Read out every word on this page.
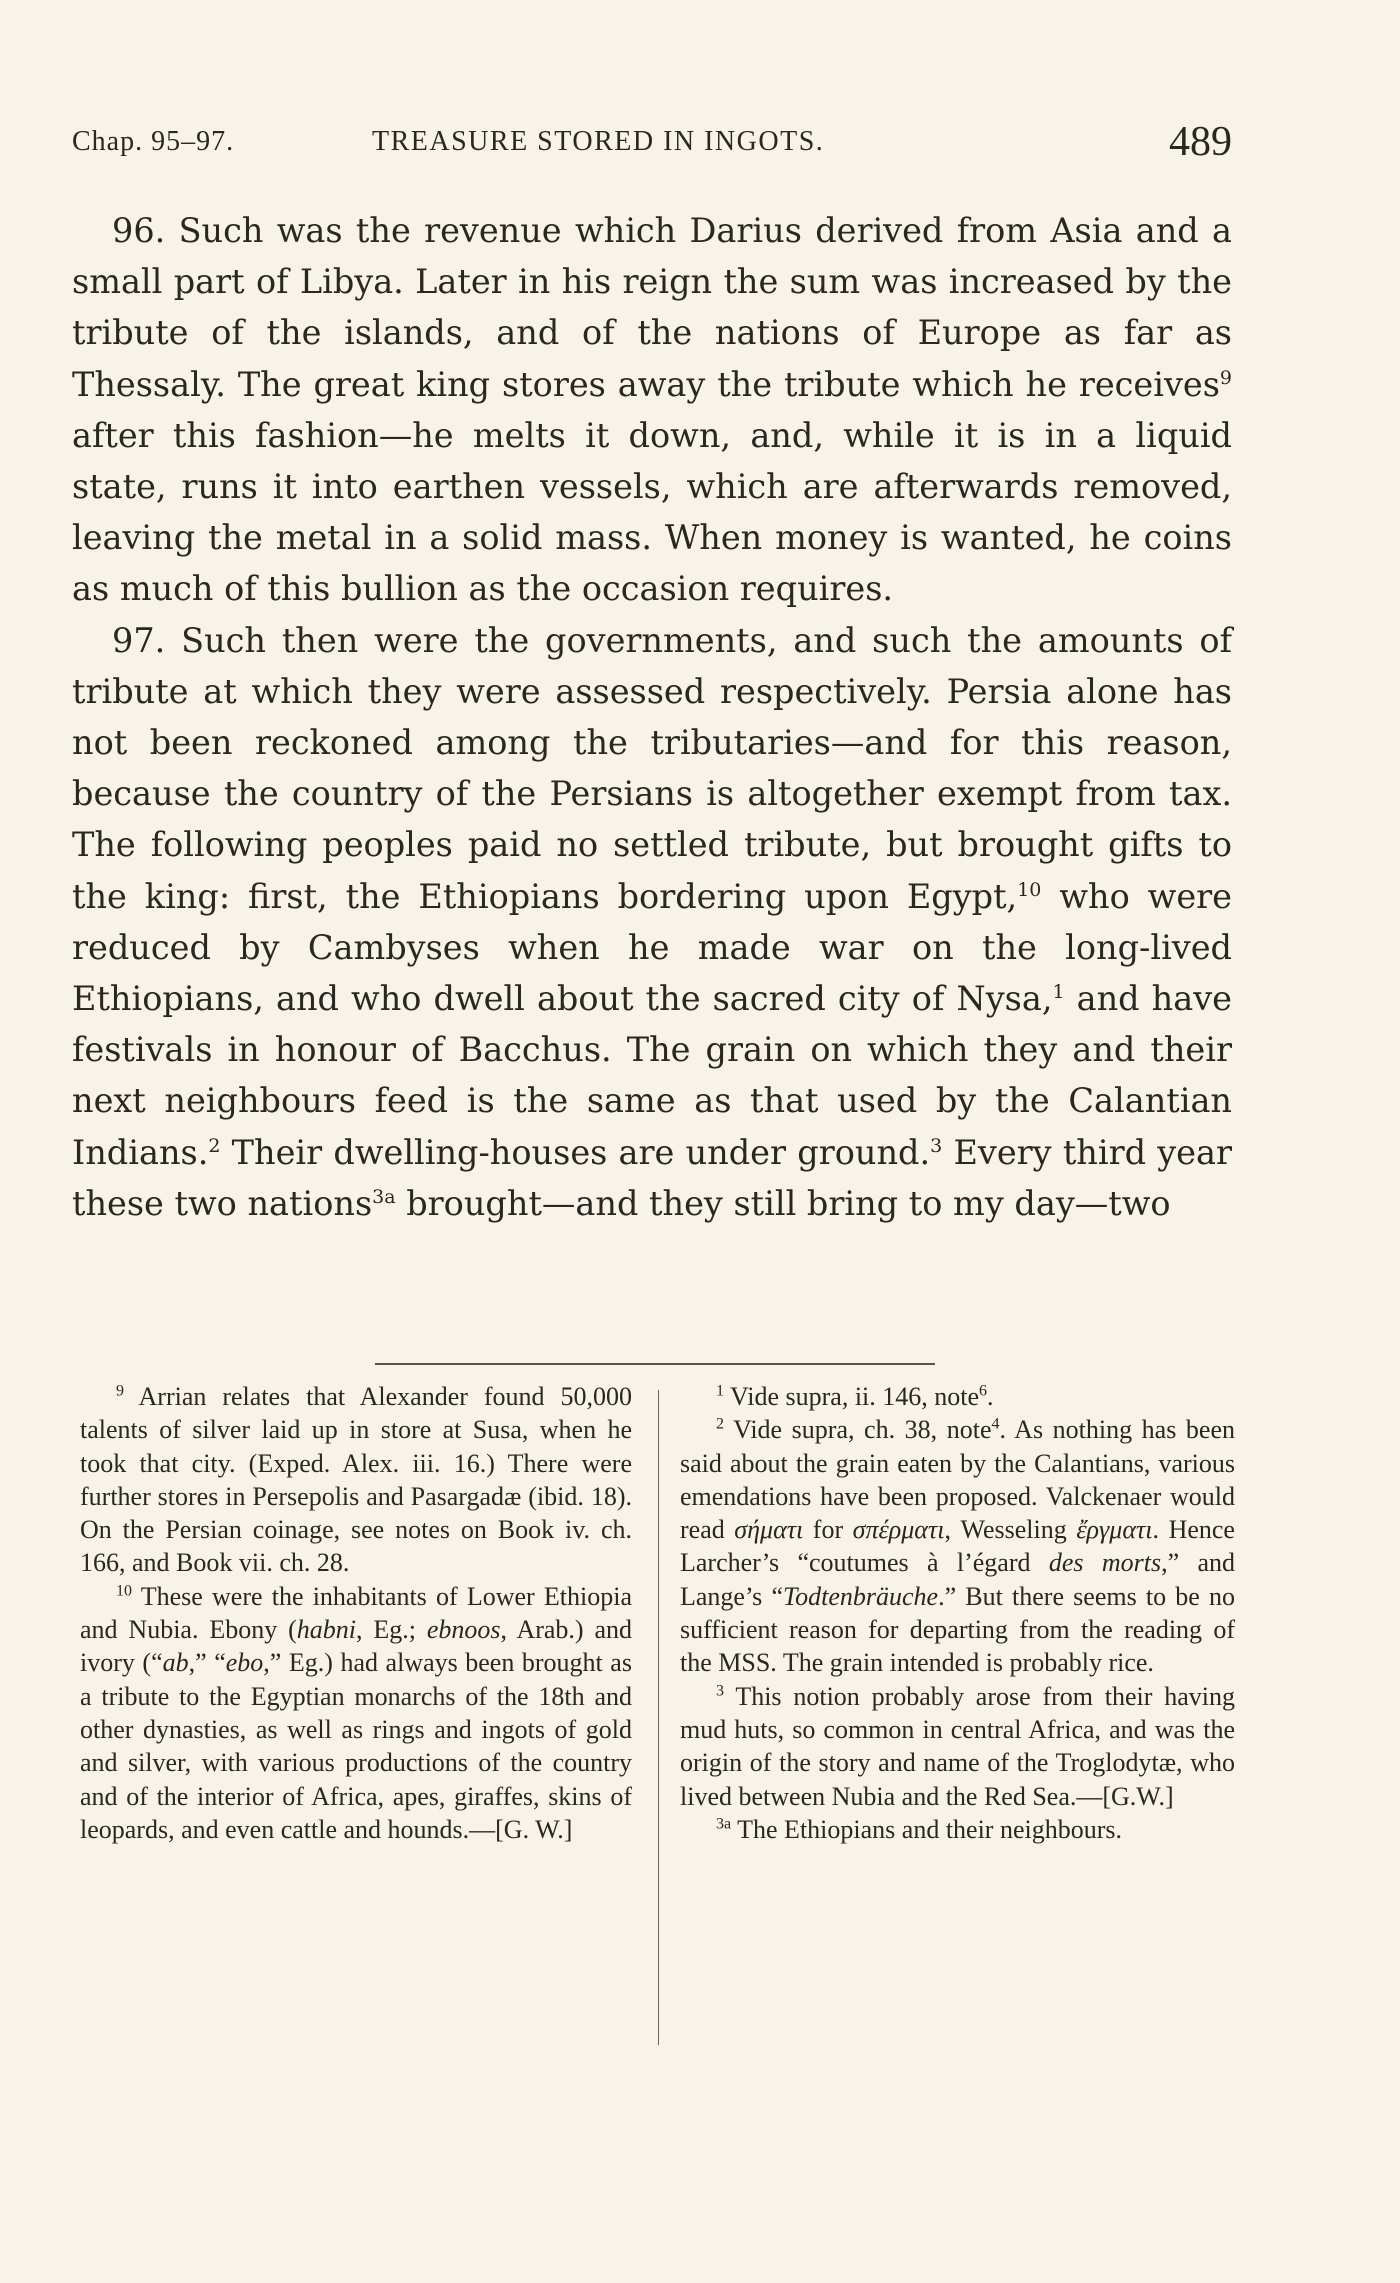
Chap. 95–97.	TREASURE STORED IN INGOTS.	489

96. Such was the revenue which Darius derived from Asia and a small part of Libya. Later in his reign the sum was increased by the tribute of the islands, and of the nations of Europe as far as Thessaly. The great king stores away the tribute which he receives$^9$ after this fashion—he melts it down, and, while it is in a liquid state, runs it into earthen vessels, which are afterwards removed, leaving the metal in a solid mass. When money is wanted, he coins as much of this bullion as the occasion requires.

97. Such then were the governments, and such the amounts of tribute at which they were assessed respectively. Persia alone has not been reckoned among the tributaries—and for this reason, because the country of the Persians is altogether exempt from tax. The following peoples paid no settled tribute, but brought gifts to the king: first, the Ethiopians bordering upon Egypt,$^{10}$ who were reduced by Cambyses when he made war on the long-lived Ethiopians, and who dwell about the sacred city of Nysa,$^1$ and have festivals in honour of Bacchus. The grain on which they and their next neighbours feed is the same as that used by the Calantian Indians.$^2$ Their dwelling-houses are under ground.$^3$ Every third year these two nations$^{3a}$ brought—and they still bring to my day—two

$^9$ Arrian relates that Alexander found 50,000 talents of silver laid up in store at Susa, when he took that city. (Exped. Alex. iii. 16.) There were further stores in Persepolis and Pasargadæ (ibid. 18). On the Persian coinage, see notes on Book iv. ch. 166, and Book vii. ch. 28.

$^{10}$ These were the inhabitants of Lower Ethiopia and Nubia. Ebony (habni, Eg.; ebnoos, Arab.) and ivory (“ab,” “ebo,” Eg.) had always been brought as a tribute to the Egyptian monarchs of the 18th and other dynasties, as well as rings and ingots of gold and silver, with various productions of the country and of the interior of Africa, apes, giraffes, skins of leopards, and even cattle and hounds.—[G. W.]

$^1$ Vide supra, ii. 146, note$^6$.

$^2$ Vide supra, ch. 38, note$^4$. As nothing has been said about the grain eaten by the Calantians, various emendations have been proposed. Valckenaer would read σήματι for σπέρματι, Wesseling ἔργματι. Hence Larcher’s “coutumes à l’égard des morts,” and Lange’s “Todtenbräuche.” But there seems to be no sufficient reason for departing from the reading of the MSS. The grain intended is probably rice.

$^3$ This notion probably arose from their having mud huts, so common in central Africa, and was the origin of the story and name of the Troglodytæ, who lived between Nubia and the Red Sea.—[G.W.]

$^{3a}$ The Ethiopians and their neighbours.
